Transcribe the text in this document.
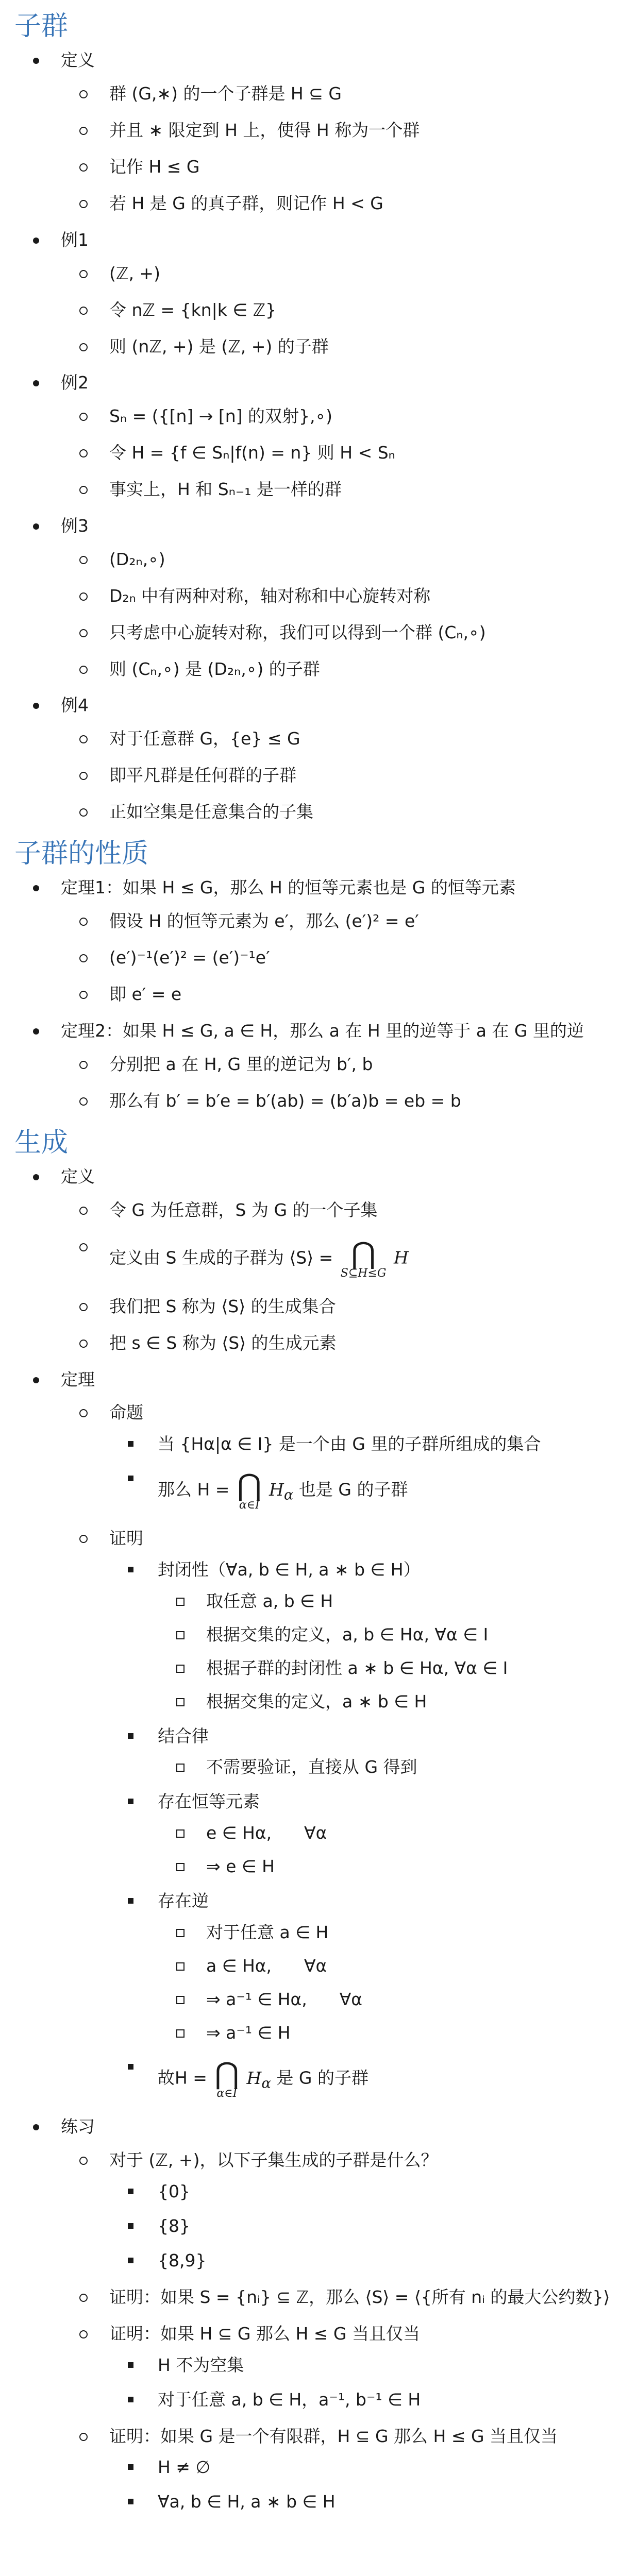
子群
定义
群 (G,∗) 的一个子群是 H ⊆ G
并且 ∗ 限定到 H 上，使得 H 称为一个群
记作 H ≤ G
若 H 是 G 的真子群，则记作 H < G
例1
(ℤ, +)
令 nℤ = {kn|k ∈ ℤ}
则 (nℤ, +) 是 (ℤ, +) 的子群
例2
Sₙ = ({[n] → [n] 的双射},∘)
令 H = {f ∈ Sₙ|f(n) = n} 则 H < Sₙ
事实上，H 和 Sₙ₋₁ 是一样的群
例3
(D₂ₙ,∘)
D₂ₙ 中有两种对称，轴对称和中心旋转对称
只考虑中心旋转对称，我们可以得到一个群 (Cₙ,∘)
则 (Cₙ,∘) 是 (D₂ₙ,∘) 的子群
例4
对于任意群 G，{e} ≤ G
即平凡群是任何群的子群
正如空集是任意集合的子集
子群的性质
定理1：如果 H ≤ G，那么 H 的恒等元素也是 G 的恒等元素
假设 H 的恒等元素为 e′，那么 (e′)² = e′
(e′)⁻¹(e′)² = (e′)⁻¹e′
即 e′ = e
定理2：如果 H ≤ G, a ∈ H，那么 a 在 H 里的逆等于 a 在 G 里的逆
分别把 a 在 H, G 里的逆记为 b′, b
那么有 b′ = b′e = b′(ab) = (b′a)b = eb = b
生成
定义
令 G 为任意群，S 为 G 的一个子集
定义由 S 生成的子群为 ⟨S⟩ = ⋂
S⊆H≤G
H
我们把 S 称为 ⟨S⟩ 的生成集合
把 s ∈ S 称为 ⟨S⟩ 的生成元素
定理
命题
当 {Hα|α ∈ I} 是一个由 G 里的子群所组成的集合
那么 H = ⋂
α∈I
$H_\alpha$ 也是 G 的子群
证明
封闭性（∀a, b ∈ H, a ∗ b ∈ H）
取任意 a, b ∈ H
根据交集的定义，a, b ∈ Hα, ∀α ∈ I
根据子群的封闭性 a ∗ b ∈ Hα, ∀α ∈ I
根据交集的定义，a ∗ b ∈ H
结合律
不需要验证，直接从 G 得到
存在恒等元素
e ∈ Hα,      ∀α
⇒ e ∈ H
存在逆
对于任意 a ∈ H
a ∈ Hα,      ∀α
⇒ a⁻¹ ∈ Hα,      ∀α
⇒ a⁻¹ ∈ H
故H = ⋂
α∈I
$H_\alpha$ 是 G 的子群
练习
对于 (ℤ, +)，以下子集生成的子群是什么？
{0}
{8}
{8,9}
证明：如果 S = {nᵢ} ⊆ ℤ，那么 ⟨S⟩ = ⟨{所有 nᵢ 的最大公约数}⟩
证明：如果 H ⊆ G 那么 H ≤ G 当且仅当
H 不为空集
对于任意 a, b ∈ H，a⁻¹, b⁻¹ ∈ H
证明：如果 G 是一个有限群，H ⊆ G 那么 H ≤ G 当且仅当
H ≠ ∅
∀a, b ∈ H, a ∗ b ∈ H
